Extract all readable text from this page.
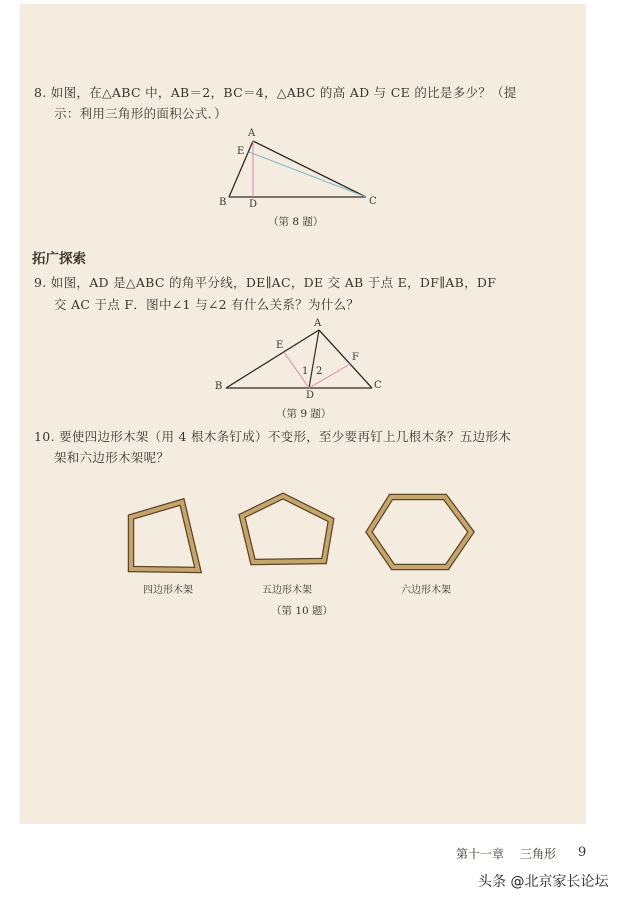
8. 如图，在△ABC 中，AB＝2，BC＝4，△ABC 的高 AD 与 CE 的比是多少？（提
示：利用三角形的面积公式．）
A
E
B D	C
（第 8 题）
拓广探索
9. 如图，AD 是△ABC 的角平分线，DE∥AC，DE 交 AB 于点 E，DF∥AB，DF
交 AC 于点 F．图中∠1 与∠2 有什么关系？为什么？
A
E
F
1 2
B
D
C
（第 9 题）
10. 要使四边形木架（用 4 根木条钉成）不变形，至少要再钉上几根木条？五边形木
架和六边形木架呢？
四边形木架	五边形木架	六边形木架
（第 10 题）
第十一章 三角形 9
头条 @北京家长论坛
